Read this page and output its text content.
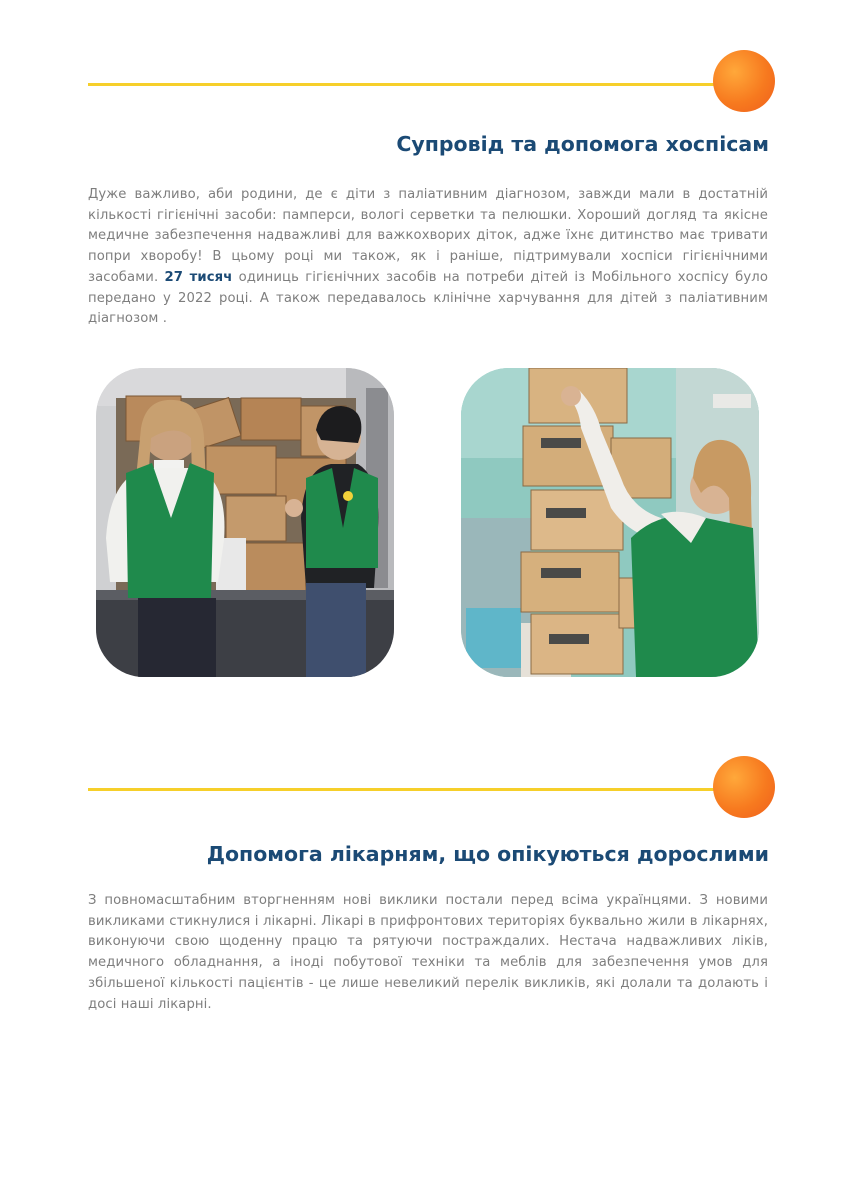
Супровід та допомога хоспісам

Дуже важливо, аби родини, де є діти з паліативним діагнозом, завжди мали в достатній кількості гігієнічні засоби: памперси, вологі серветки та пелюшки. Хороший догляд та якісне медичне забезпечення надважливі для важкохворих діток, адже їхнє дитинство має тривати попри хворобу! В цьому році ми також, як і раніше, підтримували хоспіси гігієнічними засобами. 27 тисяч одиниць гігієнічних засобів на потреби дітей із Мобільного хоспісу було передано у 2022 році. А також передавалось клінічне харчування для дітей з паліативним діагнозом .

Допомога лікарням, що опікуються дорослими

З повномасштабним вторгненням нові виклики постали перед всіма українцями. З новими викликами стикнулися і лікарні. Лікарі в прифронтових територіях буквально жили в лікарнях, виконуючи свою щоденну працю та рятуючи постраждалих. Нестача надважливих ліків, медичного обладнання, а іноді побутової техніки та меблів для забезпечення умов для збільшеної кількості пацієнтів - це лише невеликий перелік викликів, які долали та долають і досі наші лікарні.
